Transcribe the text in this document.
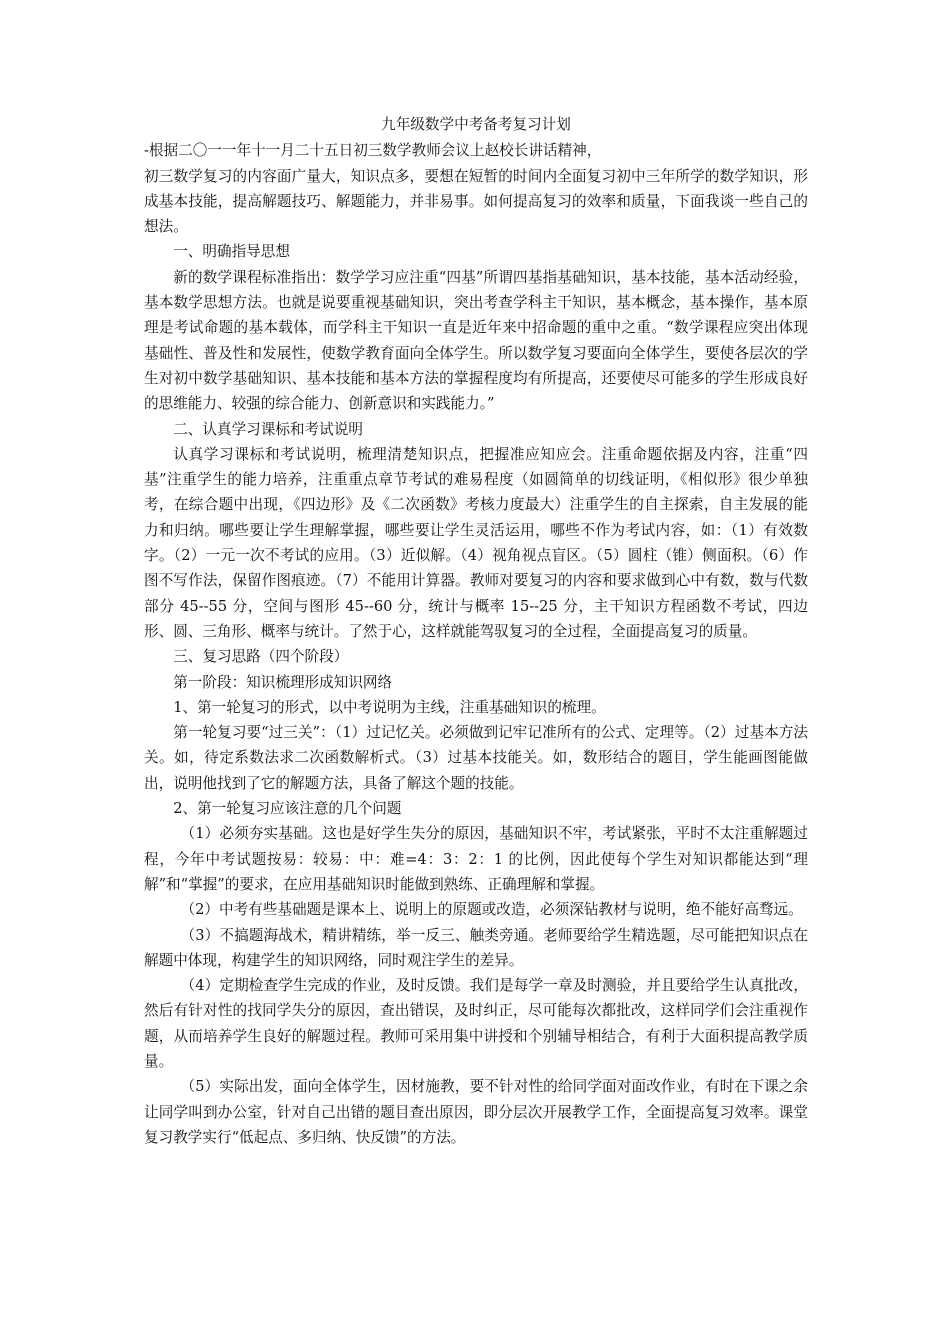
九年级数学中考备考复习计划

-根据二〇一一年十一月二十五日初三数学教师会议上赵校长讲话精神，

初三数学复习的内容面广量大，知识点多，要想在短暂的时间内全面复习初中三年所学的数学知识，形成基本技能，提高解题技巧、解题能力，并非易事。如何提高复习的效率和质量，下面我谈一些自己的想法。

一、明确指导思想

新的数学课程标准指出：数学学习应注重“四基”所谓四基指基础知识，基本技能，基本活动经验，基本数学思想方法。也就是说要重视基础知识，突出考查学科主干知识，基本概念，基本操作，基本原理是考试命题的基本载体，而学科主干知识一直是近年来中招命题的重中之重。“数学课程应突出体现基础性、普及性和发展性，使数学教育面向全体学生。所以数学复习要面向全体学生，要使各层次的学生对初中数学基础知识、基本技能和基本方法的掌握程度均有所提高，还要使尽可能多的学生形成良好的思维能力、较强的综合能力、创新意识和实践能力。”

二、认真学习课标和考试说明

认真学习课标和考试说明，梳理清楚知识点，把握准应知应会。注重命题依据及内容，注重“四基”注重学生的能力培养，注重重点章节考试的难易程度（如圆简单的切线证明，《相似形》很少单独考，在综合题中出现，《四边形》及《二次函数》考核力度最大）注重学生的自主探索，自主发展的能力和归纳。哪些要让学生理解掌握，哪些要让学生灵活运用，哪些不作为考试内容，如：（1）有效数字。（2）一元一次不考试的应用。（3）近似解。（4）视角视点盲区。（5）圆柱（锥）侧面积。（6）作图不写作法，保留作图痕迹。（7）不能用计算器。教师对要复习的内容和要求做到心中有数，数与代数部分 45--55 分，空间与图形 45--60 分，统计与概率 15--25 分，主干知识方程函数不考试，四边形、圆、三角形、概率与统计。了然于心，这样就能驾驭复习的全过程，全面提高复习的质量。

三、复习思路（四个阶段）

第一阶段：知识梳理形成知识网络

1、第一轮复习的形式，以中考说明为主线，注重基础知识的梳理。

第一轮复习要“过三关”：（1）过记忆关。必须做到记牢记准所有的公式、定理等。（2）过基本方法关。如，待定系数法求二次函数解析式。（3）过基本技能关。如，数形结合的题目，学生能画图能做出，说明他找到了它的解题方法，具备了解这个题的技能。

2、第一轮复习应该注意的几个问题

（1）必须夯实基础。这也是好学生失分的原因，基础知识不牢，考试紧张，平时不太注重解题过程，今年中考试题按易：较易：中：难=4：3：2：1 的比例，因此使每个学生对知识都能达到“理解”和“掌握”的要求，在应用基础知识时能做到熟练、正确理解和掌握。

（2）中考有些基础题是课本上、说明上的原题或改造，必须深钻教材与说明，绝不能好高骛远。

（3）不搞题海战术，精讲精练，举一反三、触类旁通。老师要给学生精选题，尽可能把知识点在解题中体现，构建学生的知识网络，同时观注学生的差异。

（4）定期检查学生完成的作业，及时反馈。我们是每学一章及时测验，并且要给学生认真批改，然后有针对性的找同学失分的原因，查出错误，及时纠正，尽可能每次都批改，这样同学们会注重视作题，从而培养学生良好的解题过程。教师可采用集中讲授和个别辅导相结合，有利于大面积提高教学质量。

（5）实际出发，面向全体学生，因材施教，要不针对性的给同学面对面改作业，有时在下课之余让同学叫到办公室，针对自己出错的题目查出原因，即分层次开展教学工作，全面提高复习效率。课堂复习教学实行“低起点、多归纳、快反馈”的方法。
